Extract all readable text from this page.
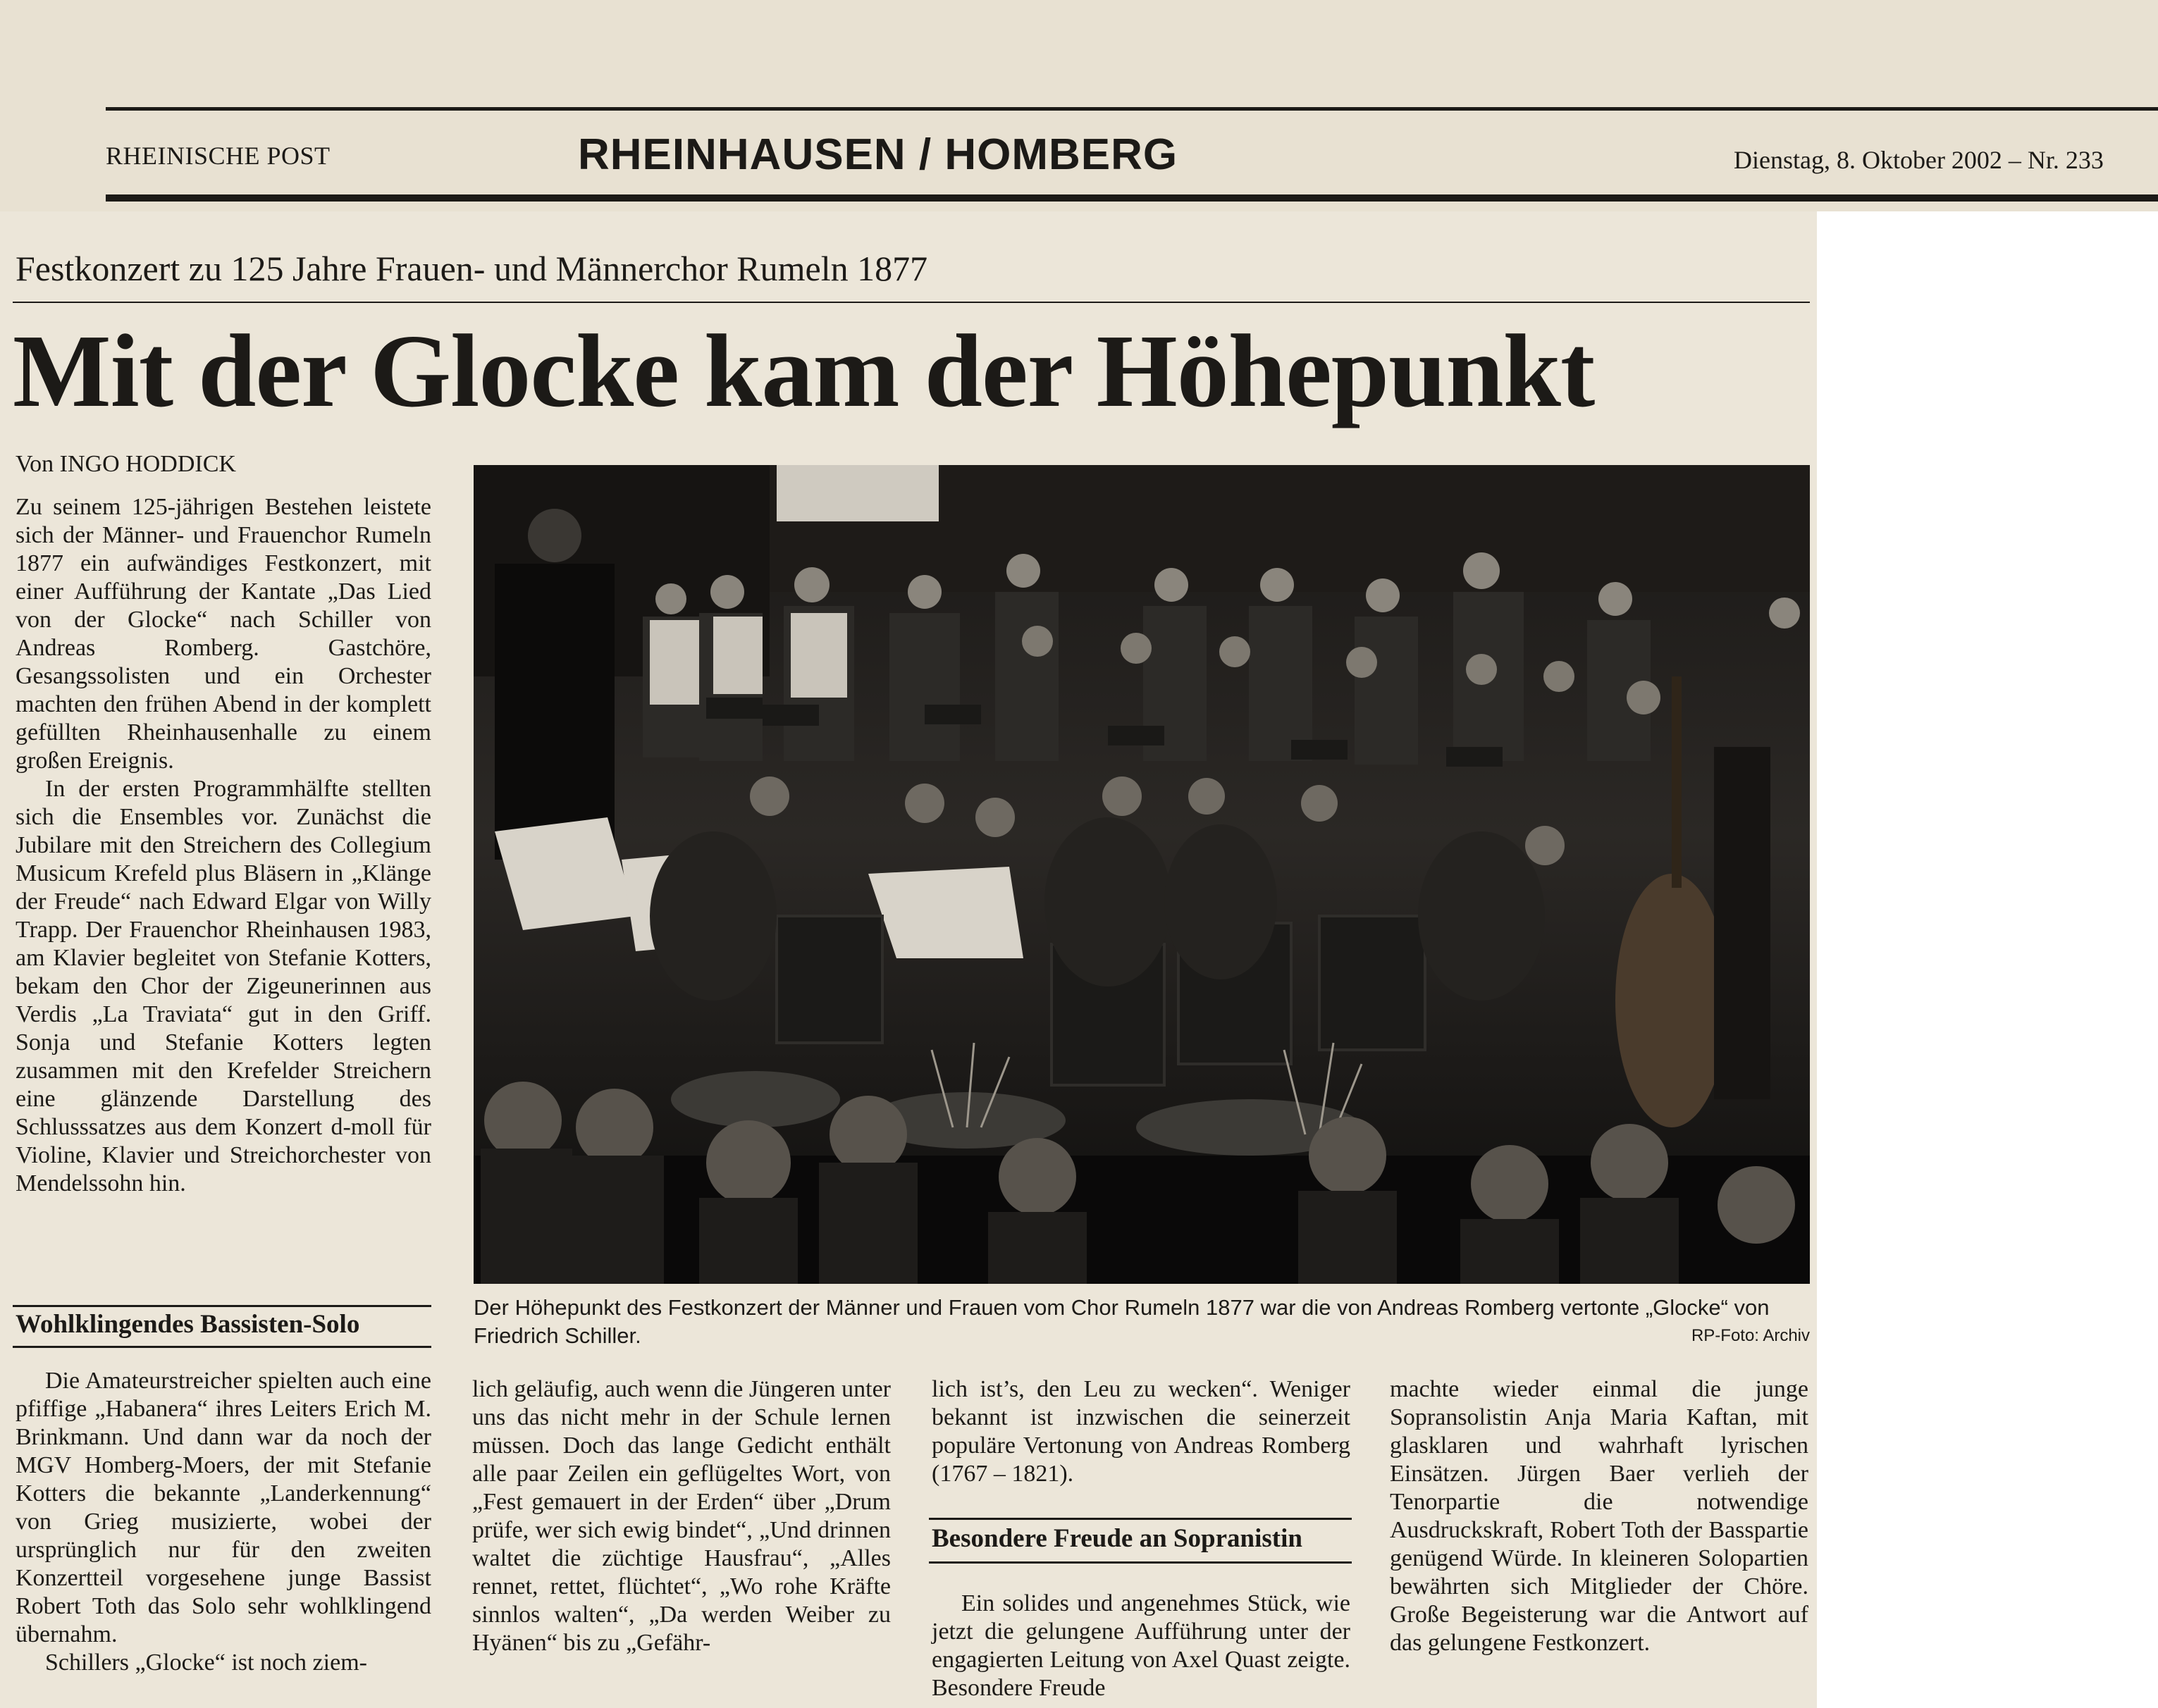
RHEINISCHE POST	RHEINHAUSEN / HOMBERG	Dienstag, 8. Oktober 2002 – Nr. 233
Festkonzert zu 125 Jahre Frauen- und Männerchor Rumeln 1877
Mit der Glocke kam der Höhepunkt
Von INGO HODDICK

Zu seinem 125-jährigen Bestehen leistete sich der Männer- und Frauenchor Rumeln 1877 ein aufwändiges Festkonzert, mit einer Aufführung der Kantate „Das Lied von der Glocke“ nach Schiller von Andreas Romberg. Gastchöre, Gesangssolisten und ein Orchester machten den frühen Abend in der komplett gefüllten Rheinhausenhalle zu einem großen Ereignis.

In der ersten Programmhälfte stellten sich die Ensembles vor. Zunächst die Jubilare mit den Streichern des Collegium Musicum Krefeld plus Bläsern in „Klänge der Freude“ nach Edward Elgar von Willy Trapp. Der Frauenchor Rheinhausen 1983, am Klavier begleitet von Stefanie Kotters, bekam den Chor der Zigeunerinnen aus Verdis „La Traviata“ gut in den Griff. Sonja und Stefanie Kotters legten zusammen mit den Krefelder Streichern eine glänzende Darstellung des Schlusssatzes aus dem Konzert d-moll für Violine, Klavier und Streichorchester von Mendelssohn hin.

Wohlklingendes Bassisten-Solo

Die Amateurstreicher spielten auch eine pfiffige „Habanera“ ihres Leiters Erich M. Brinkmann. Und dann war da noch der MGV Homberg-Moers, der mit Stefanie Kotters die bekannte „Landerkennung“ von Grieg musizierte, wobei der ursprünglich nur für den zweiten Konzertteil vorgesehene junge Bassist Robert Toth das Solo sehr wohlklingend übernahm.

Schillers „Glocke“ ist noch ziem-

Der Höhepunkt des Festkonzert der Männer und Frauen vom Chor Rumeln 1877 war die von Andreas Romberg vertonte „Glocke“ von Friedrich Schiller.	RP-Foto: Archiv

lich geläufig, auch wenn die Jüngeren unter uns das nicht mehr in der Schule lernen müssen. Doch das lange Gedicht enthält alle paar Zeilen ein geflügeltes Wort, von „Fest gemauert in der Erden“ über „Drum prüfe, wer sich ewig bindet“, „Und drinnen waltet die züchtige Hausfrau“, „Alles rennet, rettet, flüchtet“, „Wo rohe Kräfte sinnlos walten“, „Da werden Weiber zu Hyänen“ bis zu „Gefähr-

lich ist’s, den Leu zu wecken“. Weniger bekannt ist inzwischen die seinerzeit populäre Vertonung von Andreas Romberg (1767 – 1821).

Besondere Freude an Sopranistin

Ein solides und angenehmes Stück, wie jetzt die gelungene Aufführung unter der engagierten Leitung von Axel Quast zeigte. Besondere Freude

machte wieder einmal die junge Sopransolistin Anja Maria Kaftan, mit glasklaren und wahrhaft lyrischen Einsätzen. Jürgen Baer verlieh der Tenorpartie die notwendige Ausdruckskraft, Robert Toth der Basspartie genügend Würde. In kleineren Solopartien bewährten sich Mitglieder der Chöre. Große Begeisterung war die Antwort auf das gelungene Festkonzert.
